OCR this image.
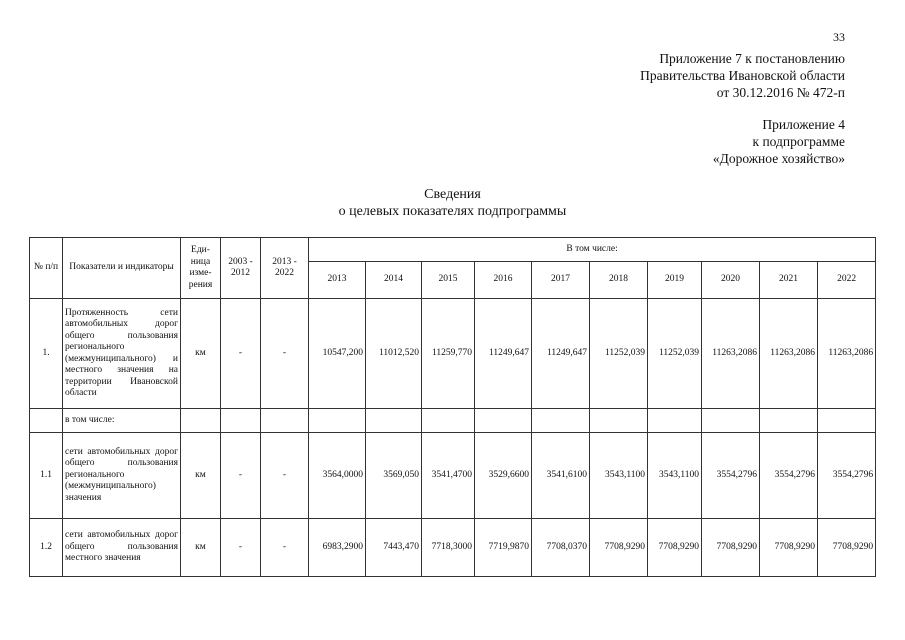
33
Приложение 7 к постановлению
Правительства Ивановской области
от 30.12.2016 № 472-п
Приложение 4
к подпрограмме
«Дорожное хозяйство»
Сведения
о целевых показателях подпрограммы
№ п/п	Показатели и индикаторы	Еди-ница изме-рения	2003 - 2012	2013 - 2022	В том числе:									
					2013	2014	2015	2016	2017	2018	2019	2020	2021	2022
1.	Протяженность сети автомобильных дорог общего пользования регионального (межмуниципального) и местного значения на территории Ивановской области	км	-	-	10547,200	11012,520	11259,770	11249,647	11249,647	11252,039	11252,039	11263,2086	11263,2086	11263,2086
	в том числе:													
1.1	сети автомобильных дорог общего пользования регионального (межмуниципального) значения	км	-	-	3564,0000	3569,050	3541,4700	3529,6600	3541,6100	3543,1100	3543,1100	3554,2796	3554,2796	3554,2796
1.2	сети автомобильных дорог общего пользования местного значения	км	-	-	6983,2900	7443,470	7718,3000	7719,9870	7708,0370	7708,9290	7708,9290	7708,9290	7708,9290	7708,9290
